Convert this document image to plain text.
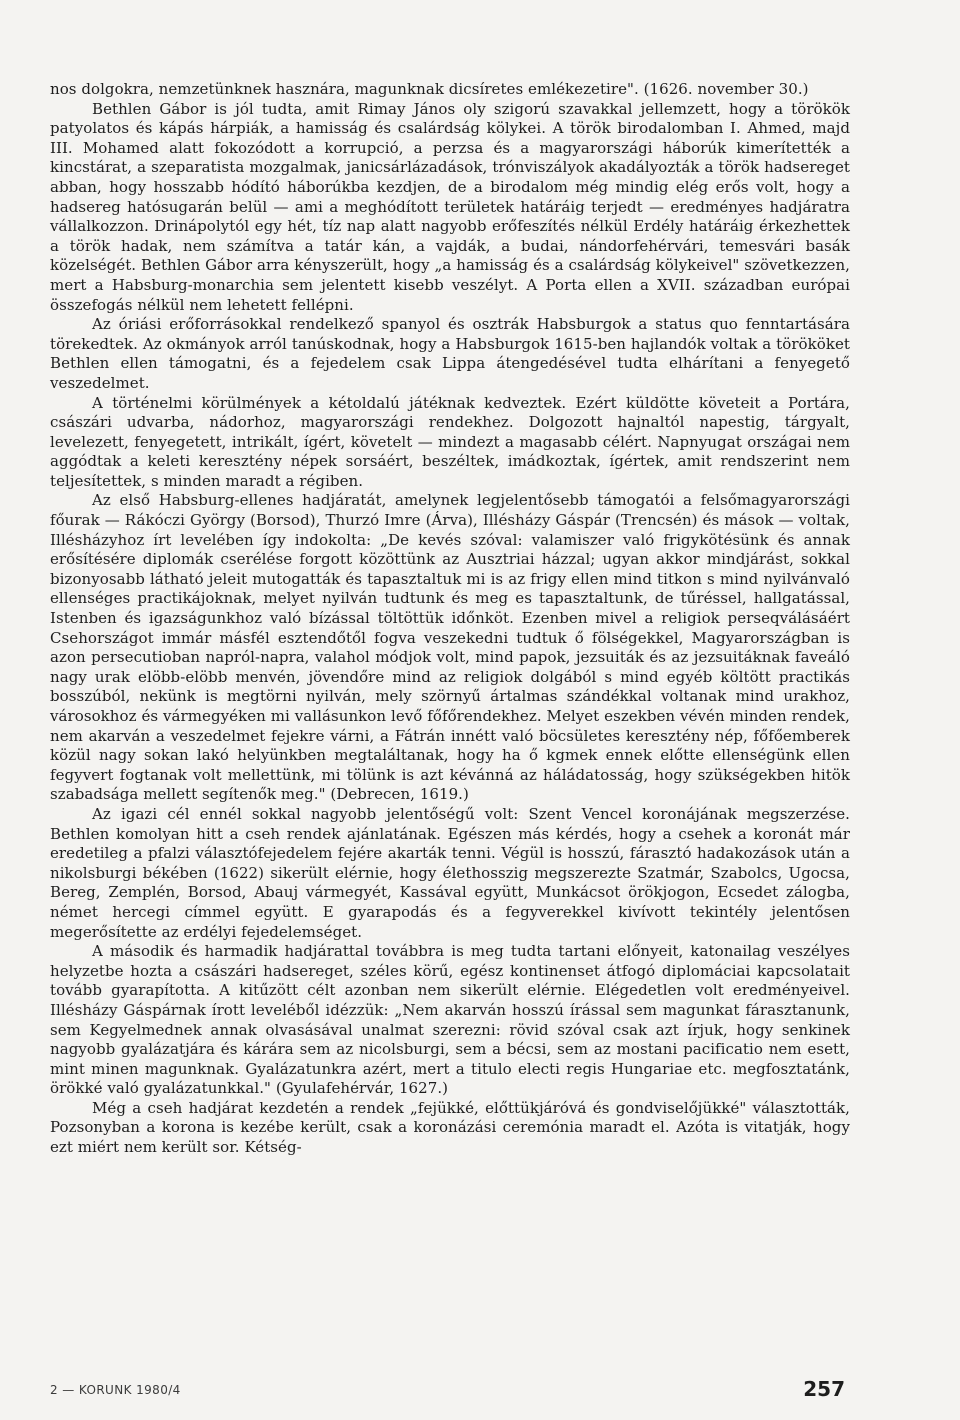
nos dolgokra, nemzetünknek hasznára, magunknak dicsíretes emlékezetire". (1626. november 30.)

Bethlen Gábor is jól tudta, amit Rimay János oly szigorú szavakkal jellemzett, hogy a törökök patyolatos és kápás hárpiák, a hamisság és csalárdság kölykei. A török birodalomban I. Ahmed, majd III. Mohamed alatt fokozódott a korrupció, a perzsa és a magyarországi háborúk kimerítették a kincstárat, a szeparatista mozgalmak, janicsárlázadások, trónviszályok akadályozták a török hadsereget abban, hogy hosszabb hódító háborúkba kezdjen, de a birodalom még mindig elég erős volt, hogy a hadsereg hatósugarán belül — ami a meghódított területek határáig terjedt — eredményes hadjáratra vállalkozzon. Drinápolytól egy hét, tíz nap alatt nagyobb erőfeszítés nélkül Erdély határáig érkezhettek a török hadak, nem számítva a tatár kán, a vajdák, a budai, nándorfehérvári, temesvári basák közelségét. Bethlen Gábor arra kényszerült, hogy „a hamisság és a csalárdság kölykeivel" szövetkezzen, mert a Habsburg-monarchia sem jelentett kisebb veszélyt. A Porta ellen a XVII. században európai összefogás nélkül nem lehetett fellépni.

Az óriási erőforrásokkal rendelkező spanyol és osztrák Habsburgok a status quo fenntartására törekedtek. Az okmányok arról tanúskodnak, hogy a Habsburgok 1615-ben hajlandók voltak a törököket Bethlen ellen támogatni, és a fejedelem csak Lippa átengedésével tudta elhárítani a fenyegető veszedelmet.

A történelmi körülmények a kétoldalú játéknak kedveztek. Ezért küldötte követeit a Portára, császári udvarba, nádorhoz, magyarországi rendekhez. Dolgozott hajnaltól napestig, tárgyalt, levelezett, fenyegetett, intrikált, ígért, követelt — mindezt a magasabb célért. Napnyugat országai nem aggódtak a keleti keresztény népek sorsáért, beszéltek, imádkoztak, ígértek, amit rendszerint nem teljesítettek, s minden maradt a régiben.

Az első Habsburg-ellenes hadjáratát, amelynek legjelentősebb támogatói a felsőmagyarországi főurak — Rákóczi György (Borsod), Thurzó Imre (Árva), Illésházy Gáspár (Trencsén) és mások — voltak, Illésházyhoz írt levelében így indokolta: „De kevés szóval: valamiszer való frigykötésünk és annak erősítésére diplomák cserélése forgott közöttünk az Ausztriai házzal; ugyan akkor mindjárást, sokkal bizonyosabb látható jeleit mutogatták és tapasztaltuk mi is az frigy ellen mind titkon s mind nyilvánvaló ellenséges practikájoknak, melyet nyilván tudtunk és meg es tapasztaltunk, de tűréssel, hallgatással, Istenben és igazságunkhoz való bízással töltöttük időnköt. Ezenben mivel a religiok perseqválásáért Csehországot immár másfél esztendőtől fogva veszekedni tudtuk ő fölségekkel, Magyarországban is azon persecutioban napról-napra, valahol módjok volt, mind papok, jezsuiták és az jezsuitáknak faveáló nagy urak elöbb-elöbb menvén, jövendőre mind az religiok dolgából s mind egyéb költött practikás bosszúból, nekünk is megtörni nyilván, mely szörnyű ártalmas szándékkal voltanak mind urakhoz, városokhoz és vármegyéken mi vallásunkon levő főfőrendekhez. Melyet eszekben vévén minden rendek, nem akarván a veszedelmet fejekre várni, a Fátrán innétt való böcsületes keresztény nép, főfőemberek közül nagy sokan lakó helyünkben megtaláltanak, hogy ha ő kgmek ennek előtte ellenségünk ellen fegyvert fogtanak volt mellettünk, mi tölünk is azt kévánná az háládatosság, hogy szükségekben hitök szabadsága mellett segítenők meg." (Debrecen, 1619.)

Az igazi cél ennél sokkal nagyobb jelentőségű volt: Szent Vencel koronájának megszerzése. Bethlen komolyan hitt a cseh rendek ajánlatának. Egészen más kérdés, hogy a csehek a koronát már eredetileg a pfalzi választófejedelem fejére akarták tenni. Végül is hosszú, fárasztó hadakozások után a nikolsburgi békében (1622) sikerült elérnie, hogy élethosszig megszerezte Szatmár, Szabolcs, Ugocsa, Bereg, Zemplén, Borsod, Abauj vármegyét, Kassával együtt, Munkácsot örökjogon, Ecsedet zálogba, német hercegi címmel együtt. E gyarapodás és a fegyverekkel kivívott tekintély jelentősen megerősítette az erdélyi fejedelemséget.

A második és harmadik hadjárattal továbbra is meg tudta tartani előnyeit, katonailag veszélyes helyzetbe hozta a császári hadsereget, széles körű, egész kontinenset átfogó diplomáciai kapcsolatait tovább gyarapította. A kitűzött célt azonban nem sikerült elérnie. Elégedetlen volt eredményeivel. Illésházy Gáspárnak írott leveléből idézzük: „Nem akarván hosszú írással sem magunkat fárasztanunk, sem Kegyelmednek annak olvasásával unalmat szerezni: rövid szóval csak azt írjuk, hogy senkinek nagyobb gyalázatjára és kárára sem az nicolsburgi, sem a bécsi, sem az mostani pacificatio nem esett, mint minen magunknak. Gyalázatunkra azért, mert a titulo electi regis Hungariae etc. megfosztatánk, örökké való gyalázatunkkal." (Gyulafehérvár, 1627.)

Még a cseh hadjárat kezdetén a rendek „fejükké, előttükjáróvá és gondviselőjükké" választották, Pozsonyban a korona is kezébe került, csak a koronázási ceremónia maradt el. Azóta is vitatják, hogy ezt miért nem került sor. Kétség-

2 — KORUNK 1980/4	257
